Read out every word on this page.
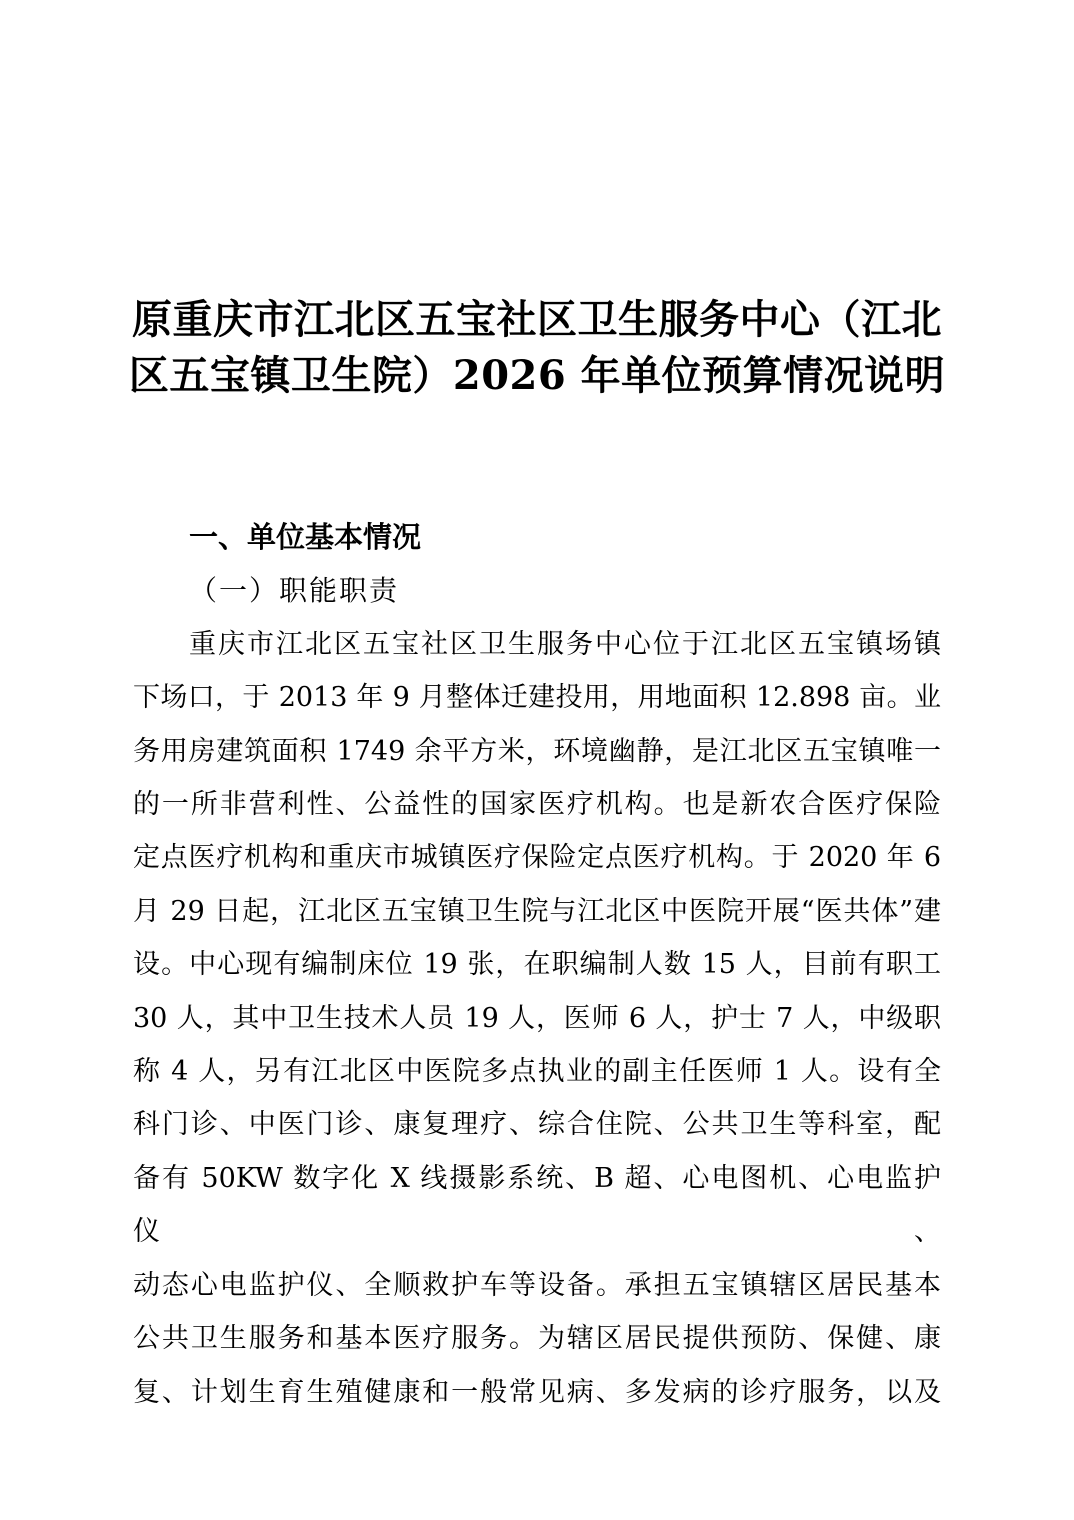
原重庆市江北区五宝社区卫生服务中心（江北
区五宝镇卫生院）2026 年单位预算情况说明
一、单位基本情况
（一）职能职责
重庆市江北区五宝社区卫生服务中心位于江北区五宝镇场镇
下场口，于 2013 年 9 月整体迁建投用，用地面积 12.898 亩。业
务用房建筑面积 1749 余平方米，环境幽静，是江北区五宝镇唯一
的一所非营利性、公益性的国家医疗机构。也是新农合医疗保险
定点医疗机构和重庆市城镇医疗保险定点医疗机构。于 2020 年 6
月 29 日起，江北区五宝镇卫生院与江北区中医院开展“医共体”建
设。中心现有编制床位 19 张，在职编制人数 15 人，目前有职工
30 人，其中卫生技术人员 19 人，医师 6 人，护士 7 人，中级职
称 4 人，另有江北区中医院多点执业的副主任医师 1 人。设有全
科门诊、中医门诊、康复理疗、综合住院、公共卫生等科室，配
备有 50KW 数字化 X 线摄影系统、B 超、心电图机、心电监护仪、
动态心电监护仪、全顺救护车等设备。承担五宝镇辖区居民基本
公共卫生服务和基本医疗服务。为辖区居民提供预防、保健、康
复、计划生育生殖健康和一般常见病、多发病的诊疗服务，以及
